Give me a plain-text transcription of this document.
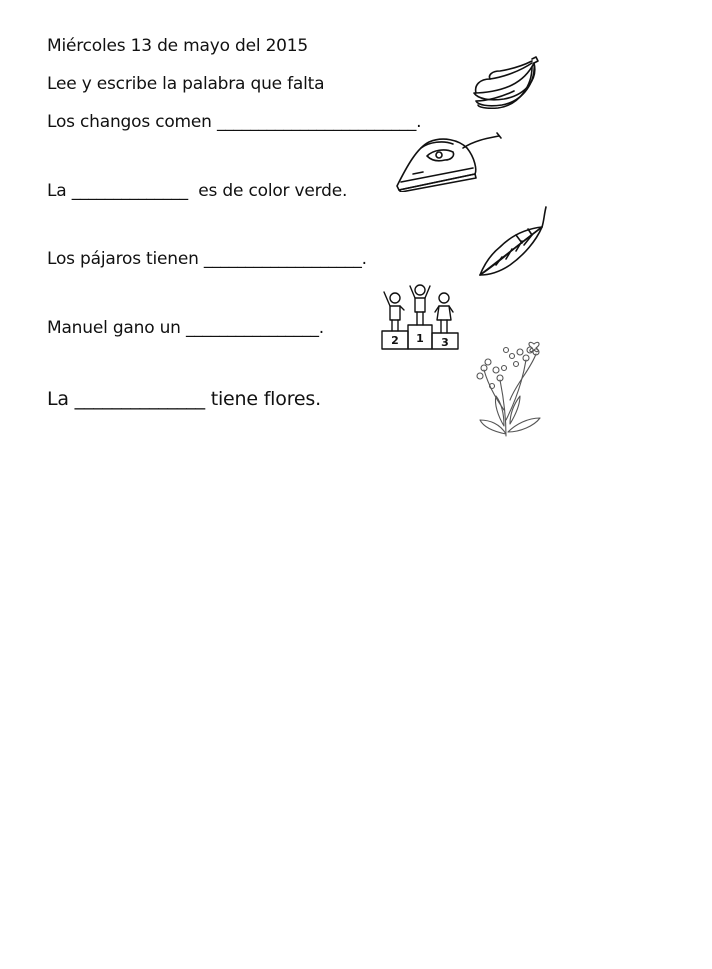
Miércoles 13 de mayo del 2015
Lee y escribe la palabra que falta
Los changos comen ________________________.
La ______________  es de color verde.
Los pájaros tienen ___________________.
Manuel gano un ________________.
La ______________ tiene flores.
2 1 3
